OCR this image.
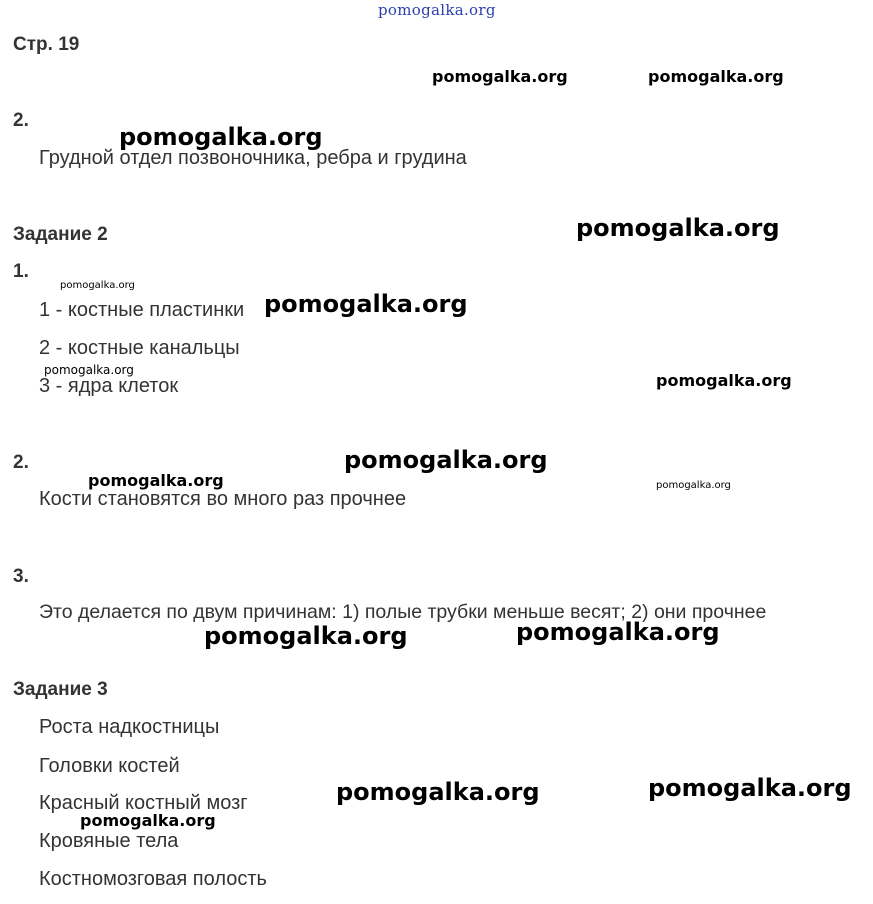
pomogalka.org
Стр. 19
2.
Грудной отдел позвоночника, ребра и грудина
Задание 2
1.
1 - костные пластинки
2 - костные канальцы
3 - ядра клеток
2.
Кости становятся во много раз прочнее
3.
Это делается по двум причинам: 1) полые трубки меньше весят; 2) они прочнее
Задание 3
Роста надкостницы
Головки костей
Красный костный мозг
Кровяные тела
Костномозговая полость
pomogalka.org	pomogalka.org
pomogalka.org
pomogalka.org
pomogalka.org
pomogalka.org
pomogalka.org
pomogalka.org
pomogalka.org
pomogalka.org	pomogalka.org
pomogalka.org	pomogalka.org
pomogalka.org	pomogalka.org
pomogalka.org
